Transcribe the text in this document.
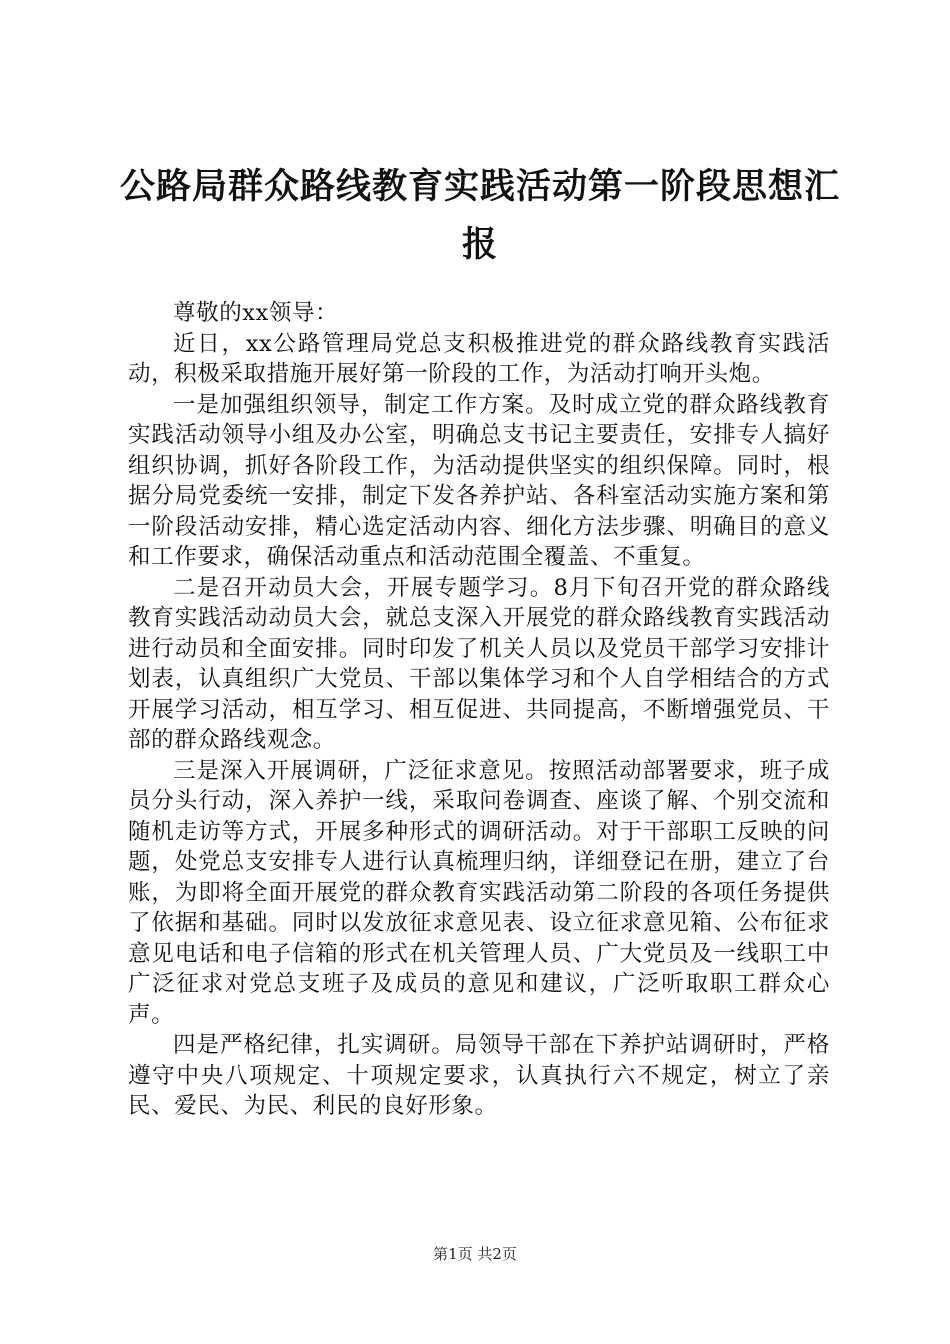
公路局群众路线教育实践活动第一阶段思想汇报

尊敬的xx领导：

近日，xx公路管理局党总支积极推进党的群众路线教育实践活动，积极采取措施开展好第一阶段的工作，为活动打响开头炮。

一是加强组织领导，制定工作方案。及时成立党的群众路线教育实践活动领导小组及办公室，明确总支书记主要责任，安排专人搞好组织协调，抓好各阶段工作，为活动提供坚实的组织保障。同时，根据分局党委统一安排，制定下发各养护站、各科室活动实施方案和第一阶段活动安排，精心选定活动内容、细化方法步骤、明确目的意义和工作要求，确保活动重点和活动范围全覆盖、不重复。

二是召开动员大会，开展专题学习。8月下旬召开党的群众路线教育实践活动动员大会，就总支深入开展党的群众路线教育实践活动进行动员和全面安排。同时印发了机关人员以及党员干部学习安排计划表，认真组织广大党员、干部以集体学习和个人自学相结合的方式开展学习活动，相互学习、相互促进、共同提高，不断增强党员、干部的群众路线观念。

三是深入开展调研，广泛征求意见。按照活动部署要求，班子成员分头行动，深入养护一线，采取问卷调查、座谈了解、个别交流和随机走访等方式，开展多种形式的调研活动。对于干部职工反映的问题，处党总支安排专人进行认真梳理归纳，详细登记在册，建立了台账，为即将全面开展党的群众教育实践活动第二阶段的各项任务提供了依据和基础。同时以发放征求意见表、设立征求意见箱、公布征求意见电话和电子信箱的形式在机关管理人员、广大党员及一线职工中广泛征求对党总支班子及成员的意见和建议，广泛听取职工群众心声。

四是严格纪律，扎实调研。局领导干部在下养护站调研时，严格遵守中央八项规定、十项规定要求，认真执行六不规定，树立了亲民、爱民、为民、利民的良好形象。

第1页 共2页
